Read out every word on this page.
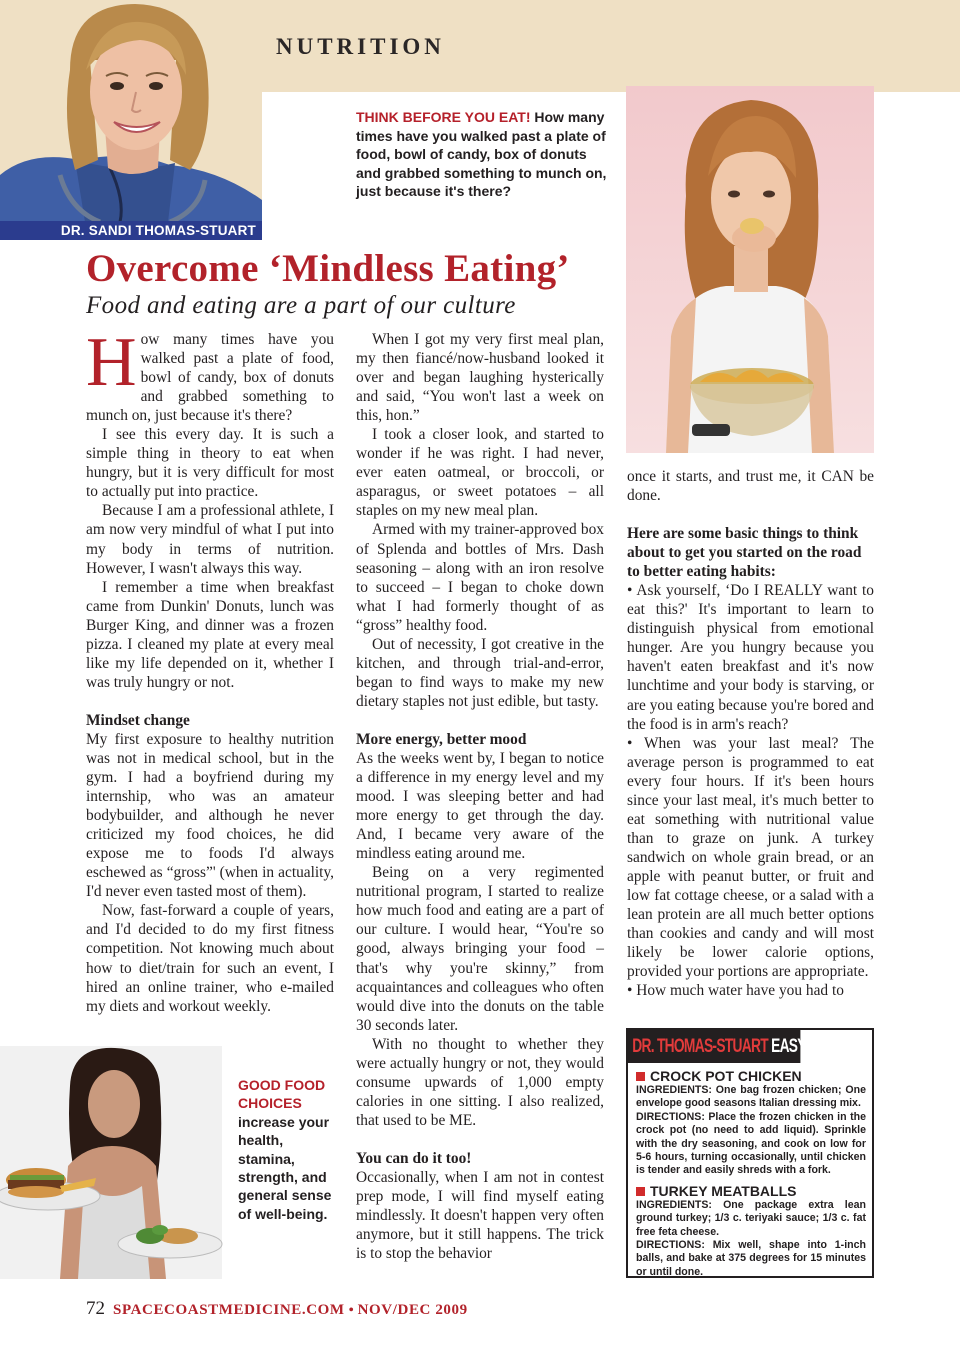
NUTRITION
DR. SANDI THOMAS-STUART
THINK BEFORE YOU EAT! How many times have you walked past a plate of food, bowl of candy, box of donuts and grabbed something to munch on, just because it's there?
Overcome ‘Mindless Eating’
Food and eating are a part of our culture

How many times have you walked past a plate of food, bowl of candy, box of donuts and grabbed something to munch on, just because it's there?

I see this every day. It is such a simple thing in theory to eat when hungry, but it is very difficult for most to actually put into practice.

Because I am a professional athlete, I am now very mindful of what I put into my body in terms of nutrition. However, I wasn't always this way.

I remember a time when breakfast came from Dunkin' Donuts, lunch was Burger King, and dinner was a frozen pizza. I cleaned my plate at every meal like my life depended on it, whether I was truly hungry or not.

Mindset change

My first exposure to healthy nutrition was not in medical school, but in the gym. I had a boyfriend during my internship, who was an amateur bodybuilder, and although he never criticized my food choices, he did expose me to foods I'd always eschewed as “gross”' (when in actuality, I'd never even tasted most of them).

Now, fast-forward a couple of years, and I'd decided to do my first fitness competition. Not knowing much about how to diet/train for such an event, I hired an online trainer, who e-mailed my diets and workout weekly.

When I got my very first meal plan, my then fiancé/now-husband looked it over and began laughing hysterically and said, “You won't last a week on this, hon.”

I took a closer look, and started to wonder if he was right. I had never, ever eaten oatmeal, or broccoli, or asparagus, or sweet potatoes – all staples on my new meal plan.

Armed with my trainer-approved box of Splenda and bottles of Mrs. Dash seasoning – along with an iron resolve to succeed – I began to choke down what I had formerly thought of as “gross” healthy food.

Out of necessity, I got creative in the kitchen, and through trial-and-error, began to find ways to make my new dietary staples not just edible, but tasty.

More energy, better mood

As the weeks went by, I began to notice a difference in my energy level and my mood. I was sleeping better and had more energy to get through the day. And, I became very aware of the mindless eating around me.

Being on a very regimented nutritional program, I started to realize how much food and eating are a part of our culture. I would hear, “You're so good, always bringing your food – that's why you're skinny,” from acquaintances and colleagues who often would dive into the donuts on the table 30 seconds later.

With no thought to whether they were actually hungry or not, they would consume upwards of 1,000 empty calories in one sitting. I also realized, that used to be ME.

You can do it too!

Occasionally, when I am not in contest prep mode, I will find myself eating mindlessly. It doesn't happen very often anymore, but it still happens. The trick is to stop the behavior

once it starts, and trust me, it CAN be done.

Here are some basic things to think about to get you started on the road to better eating habits:
• Ask yourself, ‘Do I REALLY want to eat this?' It's important to learn to distinguish physical from emotional hunger. Are you hungry because you haven't eaten breakfast and it's now lunchtime and your body is starving, or are you eating because you're bored and the food is in arm's reach?
• When was your last meal? The average person is programmed to eat every four hours. If it's been hours since your last meal, it's much better to eat something with nutritional value than to graze on junk. A turkey sandwich on whole grain bread, or an apple with peanut butter, or fruit and low fat cottage cheese, or a salad with a lean protein are all much better options than cookies and candy and will most likely be lower calorie options, provided your portions are appropriate.
• How much water have you had to
GOOD FOOD CHOICES
increase your health, stamina, strength, and general sense of well-being.
DR. THOMAS-STUART EASY RECIPES
CROCK POT CHICKEN
INGREDIENTS: One bag frozen chicken; One envelope good seasons Italian dressing mix.
DIRECTIONS: Place the frozen chicken in the crock pot (no need to add liquid). Sprinkle with the dry seasoning, and cook on low for 5-6 hours, turning occasionally, until chicken is tender and easily shreds with a fork.
TURKEY MEATBALLS
INGREDIENTS: One package extra lean ground turkey; 1/3 c. teriyaki sauce; 1/3 c. fat free feta cheese.
DIRECTIONS: Mix well, shape into 1-inch balls, and bake at 375 degrees for 15 minutes or until done.
72 SPACECOASTMEDICINE.COM • NOV/DEC 2009
